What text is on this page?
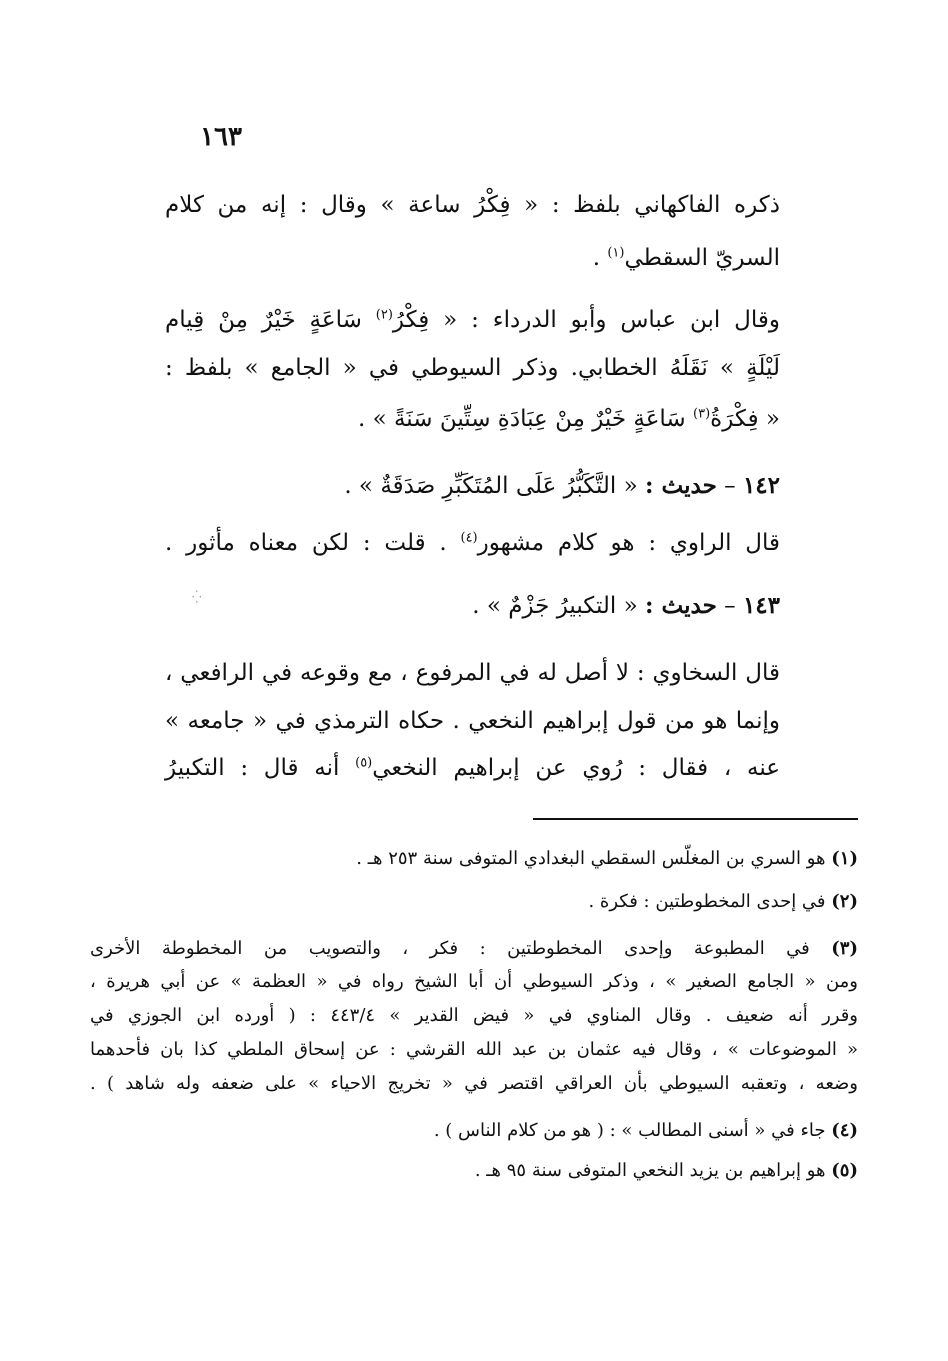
١٦٣
ذكره الفاكهاني بلفظ : « فِكْرُ ساعة » وقال : إنه من كلام
السريّ السقطي$^{(١)}$ .
وقال ابن عباس وأبو الدرداء : « فِكْرُ$^{(٢)}$ سَاعَةٍ خَيْرٌ مِنْ قِيام
لَيْلَةٍ » نَقَلَهُ الخطابي. وذكر السيوطي في « الجامع » بلفظ :
« فِكْرَةُ$^{(٣)}$ سَاعَةٍ خَيْرٌ مِنْ عِبَادَةِ سِتِّينَ سَنَةً » .
١٤٢ – حديث : « التَّكَبُّرُ عَلَى المُتَكَبِّرِ صَدَقَةٌ » .
قال الراوي : هو كلام مشهور$^{(٤)}$ . قلت : لكن معناه مأثور .
١٤٣ – حديث : « التكبيرُ جَزْمٌ » .
قال السخاوي : لا أصل له في المرفوع ، مع وقوعه في الرافعي ،
وإنما هو من قول إبراهيم النخعي . حكاه الترمذي في « جامعه »
عنه ، فقال : رُوي عن إبراهيم النخعي$^{(٥)}$ أنه قال : التكبيرُ
(١) هو السري بن المغلّس السقطي البغدادي المتوفى سنة ٢٥٣ هـ .
(٢) في إحدى المخطوطتين : فكرة .
(٣) في المطبوعة وإحدى المخطوطتين : فكر ، والتصويب من المخطوطة الأخرى
ومن « الجامع الصغير » ، وذكر السيوطي أن أبا الشيخ رواه في « العظمة » عن أبي هريرة ،
وقرر أنه ضعيف . وقال المناوي في « فيض القدير » ٤٤٣/٤ : ( أورده ابن الجوزي في
« الموضوعات » ، وقال فيه عثمان بن عبد الله القرشي : عن إسحاق الملطي كذا بان فأحدهما
وضعه ، وتعقبه السيوطي بأن العراقي اقتصر في « تخريج الاحياء » على ضعفه وله شاهد ) .
(٤) جاء في « أسنى المطالب » : ( هو من كلام الناس ) .
(٥) هو إبراهيم بن يزيد النخعي المتوفى سنة ٩٥ هـ .
⁛
